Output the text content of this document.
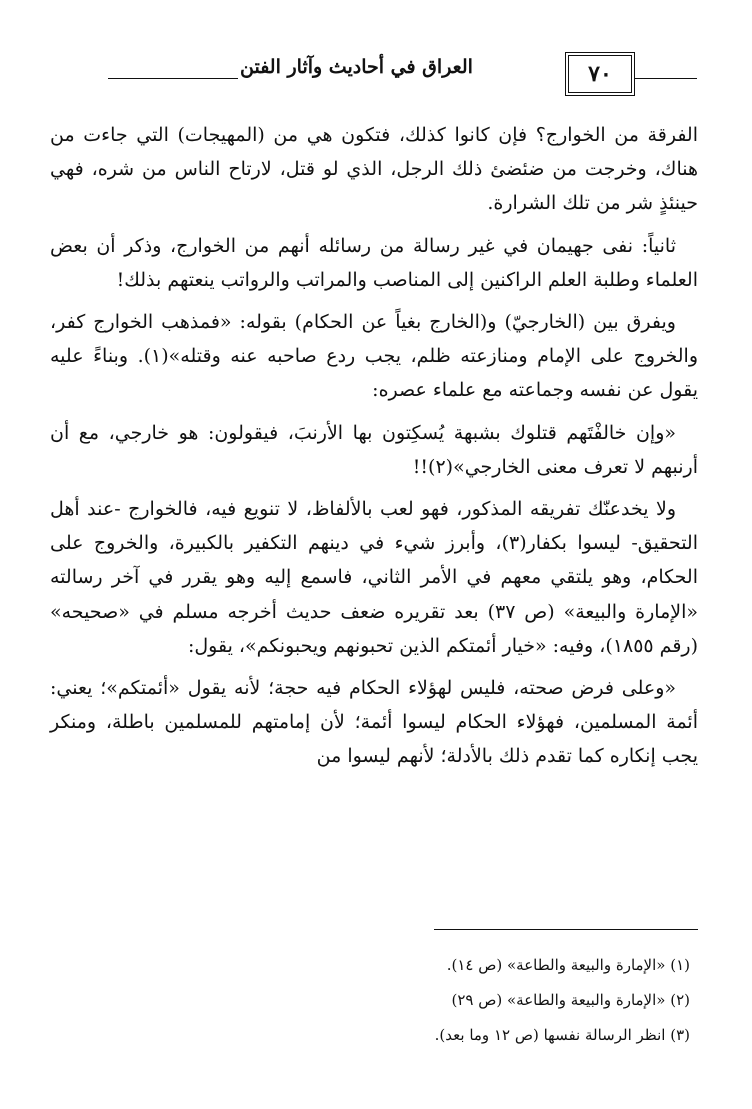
العراق في أحاديث وآثار الفتن	٧٠

الفرقة من الخوارج؟ فإن كانوا كذلك، فتكون هي من (المهيجات) التي جاءت من هناك، وخرجت من ضئضئ ذلك الرجل، الذي لو قتل، لارتاح الناس من شره، فهي حينئذٍ شر من تلك الشرارة.

ثانياً: نفى جهيمان في غير رسالة من رسائله أنهم من الخوارج، وذكر أن بعض العلماء وطلبة العلم الراكنين إلى المناصب والمراتب والرواتب ينعتهم بذلك!

ويفرق بين (الخارجيّ) و(الخارج بغياً عن الحكام) بقوله: «فمذهب الخوارج كفر، والخروج على الإمام ومنازعته ظلم، يجب ردع صاحبه عنه وقتله»(١). وبناءً عليه يقول عن نفسه وجماعته مع علماء عصره:

«وإن خالفْتَهم قتلوك بشبهة يُسكِتون بها الأرنبَ، فيقولون: هو خارجي، مع أن أرنبهم لا تعرف معنى الخارجي»(٢)!!

ولا يخدعنّك تفريقه المذكور، فهو لعب بالألفاظ، لا تنويع فيه، فالخوارج -عند أهل التحقيق- ليسوا بكفار(٣)، وأبرز شيء في دينهم التكفير بالكبيرة، والخروج على الحكام، وهو يلتقي معهم في الأمر الثاني، فاسمع إليه وهو يقرر في آخر رسالته «الإمارة والبيعة» (ص ٣٧) بعد تقريره ضعف حديث أخرجه مسلم في «صحيحه» (رقم ١٨٥٥)، وفيه: «خيار أئمتكم الذين تحبونهم ويحبونكم»، يقول:

«وعلى فرض صحته، فليس لهؤلاء الحكام فيه حجة؛ لأنه يقول «أئمتكم»؛ يعني: أئمة المسلمين، فهؤلاء الحكام ليسوا أئمة؛ لأن إمامتهم للمسلمين باطلة، ومنكر يجب إنكاره كما تقدم ذلك بالأدلة؛ لأنهم ليسوا من

(١) «الإمارة والبيعة والطاعة» (ص ١٤).
(٢) «الإمارة والبيعة والطاعة» (ص ٢٩)
(٣) انظر الرسالة نفسها (ص ١٢ وما بعد).
